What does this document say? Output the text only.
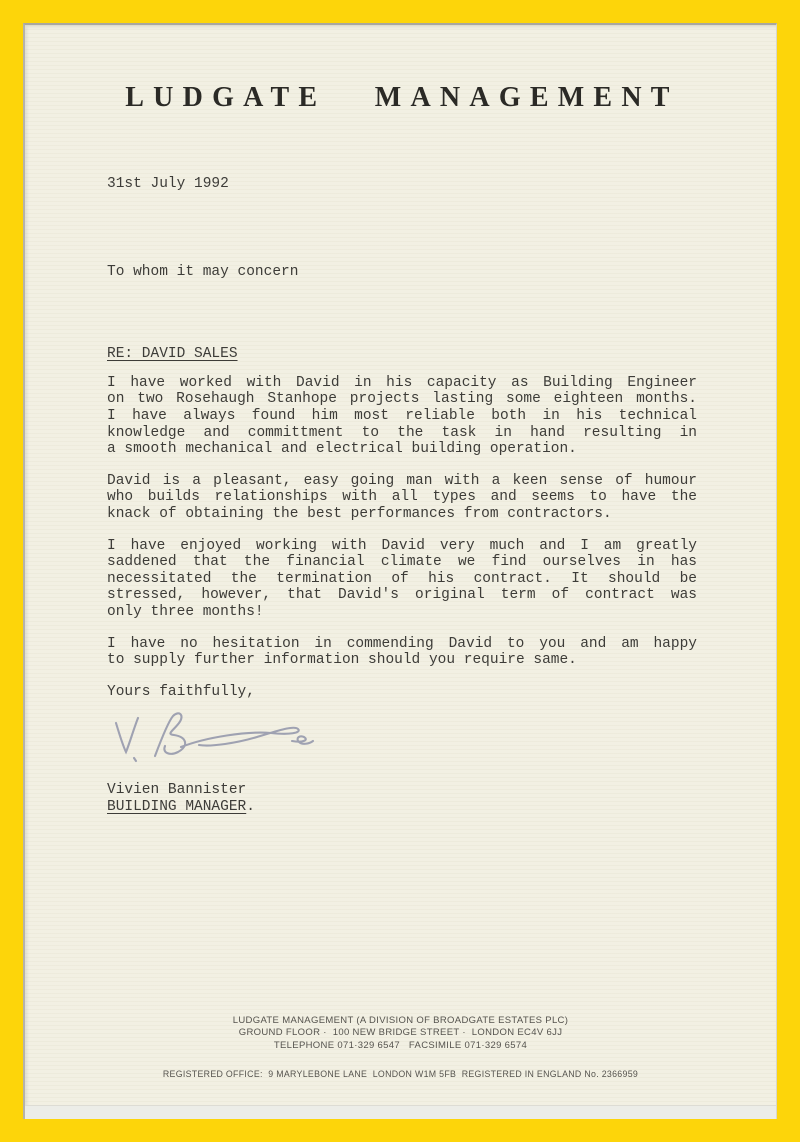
LUDGATE MANAGEMENT
31st July 1992
To whom it may concern
RE: DAVID SALES
I have worked with David in his capacity as Building Engineer
on two Rosehaugh Stanhope projects lasting some eighteen months.
I have always found him most reliable both in his technical
knowledge and committment to the task in hand resulting in
a smooth mechanical and electrical building operation.
David is a pleasant, easy going man with a keen sense of humour
who builds relationships with all types and seems to have the
knack of obtaining the best performances from contractors.
I have enjoyed working with David very much and I am greatly
saddened that the financial climate we find ourselves in has
necessitated the termination of his contract. It should be
stressed, however, that David's original term of contract was
only three months!
I have no hesitation in commending David to you and am happy
to supply further information should you require same.
Yours faithfully,
Vivien Bannister
BUILDING MANAGER.
LUDGATE MANAGEMENT (A DIVISION OF BROADGATE ESTATES PLC)
GROUND FLOOR ·  100 NEW BRIDGE STREET ·  LONDON EC4V 6JJ
TELEPHONE 071·329 6547   FACSIMILE 071·329 6574
REGISTERED OFFICE:  9 MARYLEBONE LANE  LONDON W1M 5FB  REGISTERED IN ENGLAND No. 2366959
